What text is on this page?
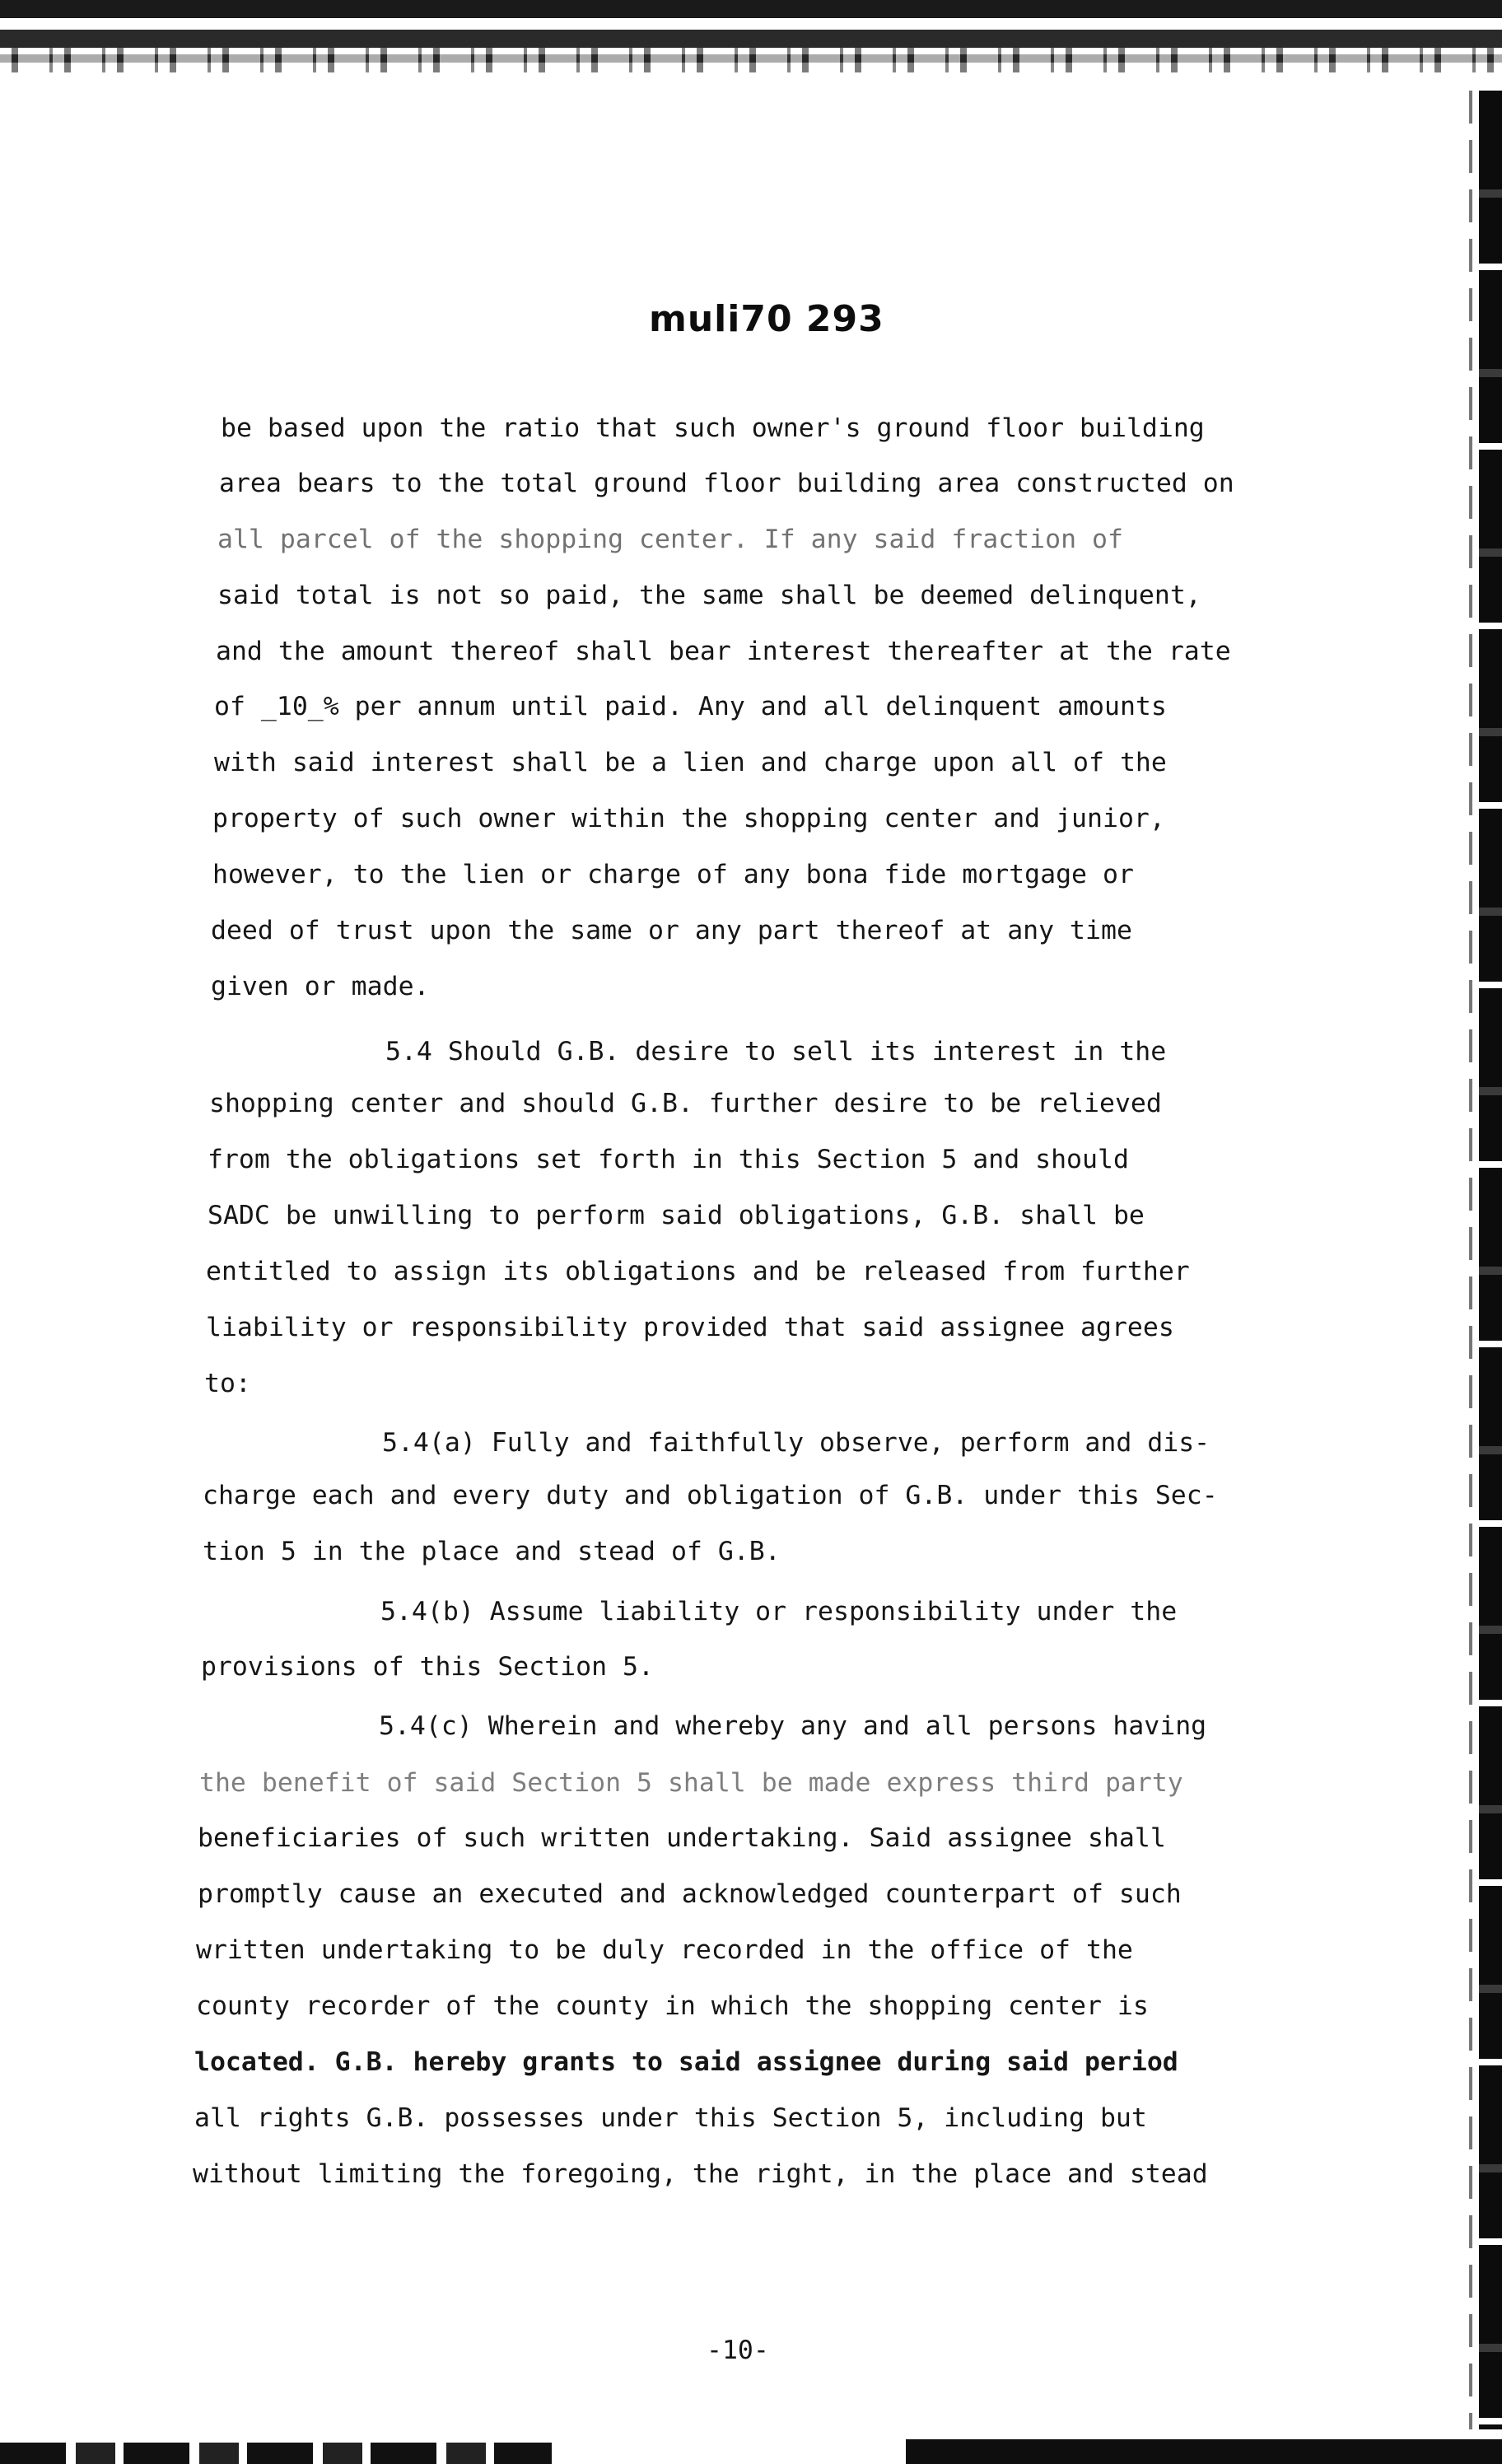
muli70 293
be based upon the ratio that such owner's ground floor building
area bears to the total ground floor building area constructed on
all parcel of the shopping center. If any said fraction of
said total is not so paid, the same shall be deemed delinquent,
and the amount thereof shall bear interest thereafter at the rate
of _10_% per annum until paid. Any and all delinquent amounts
with said interest shall be a lien and charge upon all of the
property of such owner within the shopping center and junior,
however, to the lien or charge of any bona fide mortgage or
deed of trust upon the same or any part thereof at any time
given or made.
5.4 Should G.B. desire to sell its interest in the
shopping center and should G.B. further desire to be relieved
from the obligations set forth in this Section 5 and should
SADC be unwilling to perform said obligations, G.B. shall be
entitled to assign its obligations and be released from further
liability or responsibility provided that said assignee agrees
to:
5.4(a) Fully and faithfully observe, perform and dis-
charge each and every duty and obligation of G.B. under this Sec-
tion 5 in the place and stead of G.B.
5.4(b) Assume liability or responsibility under the
provisions of this Section 5.
5.4(c) Wherein and whereby any and all persons having
the benefit of said Section 5 shall be made express third party
beneficiaries of such written undertaking. Said assignee shall
promptly cause an executed and acknowledged counterpart of such
written undertaking to be duly recorded in the office of the
county recorder of the county in which the shopping center is
located. G.B. hereby grants to said assignee during said period
all rights G.B. possesses under this Section 5, including but
without limiting the foregoing, the right, in the place and stead
-10-
